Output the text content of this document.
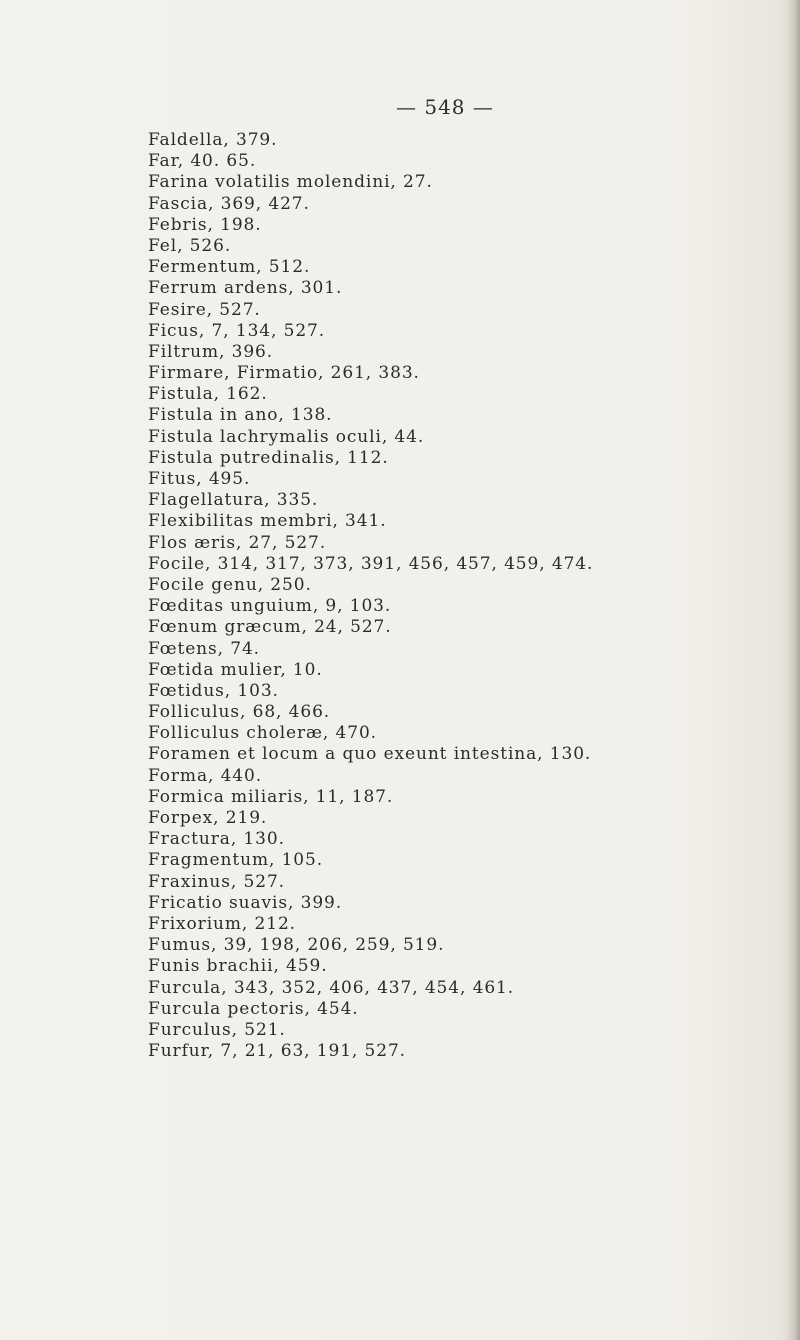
— 548 —
Faldella, 379.
Far, 40. 65.
Farina volatilis molendini, 27.
Fascia, 369, 427.
Febris, 198.
Fel, 526.
Fermentum, 512.
Ferrum ardens, 301.
Fesire, 527.
Ficus, 7, 134, 527.
Filtrum, 396.
Firmare, Firmatio, 261, 383.
Fistula, 162.
Fistula in ano, 138.
Fistula lachrymalis oculi, 44.
Fistula putredinalis, 112.
Fitus, 495.
Flagellatura, 335.
Flexibilitas membri, 341.
Flos æris, 27, 527.
Focile, 314, 317, 373, 391, 456, 457, 459, 474.
Focile genu, 250.
Fœditas unguium, 9, 103.
Fœnum græcum, 24, 527.
Fœtens, 74.
Fœtida mulier, 10.
Fœtidus, 103.
Folliculus, 68, 466.
Folliculus choleræ, 470.
Foramen et locum a quo exeunt intestina, 130.
Forma, 440.
Formica miliaris, 11, 187.
Forpex, 219.
Fractura, 130.
Fragmentum, 105.
Fraxinus, 527.
Fricatio suavis, 399.
Frixorium, 212.
Fumus, 39, 198, 206, 259, 519.
Funis brachii, 459.
Furcula, 343, 352, 406, 437, 454, 461.
Furcula pectoris, 454.
Furculus, 521.
Furfur, 7, 21, 63, 191, 527.
